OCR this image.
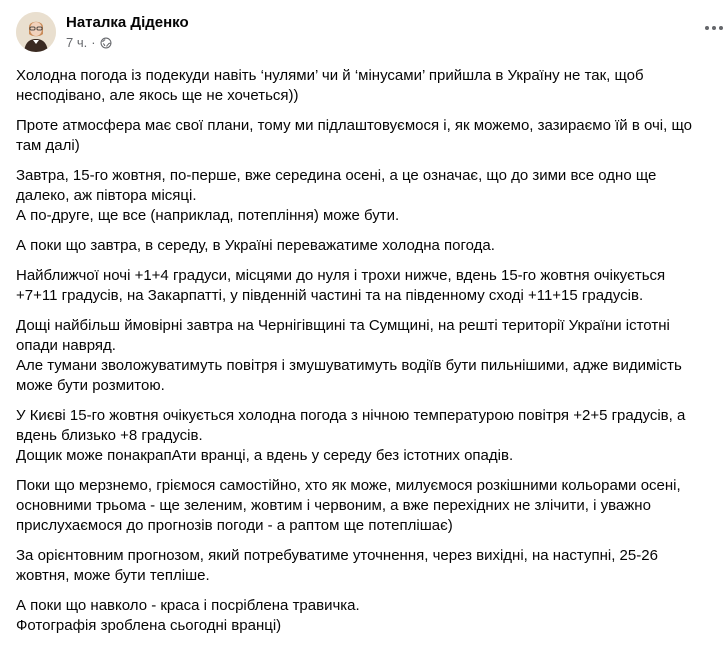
Наталка Діденко
7 ч. ·
Холодна погода із подекуди навіть ‘нулями’ чи й ‘мінусами’ прийшла в Україну не так, щоб
несподівано, але якось ще не хочеться))
Проте атмосфера має свої плани, тому ми підлаштовуємося і, як можемо, зазираємо їй в очі, що
там далі)
Завтра, 15-го жовтня, по-перше, вже середина осені, а це означає, що до зими все одно ще
далеко, аж півтора місяці.
А по-друге, ще все (наприклад, потепління) може бути.
А поки що завтра, в середу, в Україні переважатиме холодна погода.
Найближчої ночі +1+4 градуси, місцями до нуля і трохи нижче, вдень 15-го жовтня очікується
+7+11 градусів, на Закарпатті, у південній частині та на південному сході +11+15 градусів.
Дощі найбільш ймовірні завтра на Чернігівщині та Сумщині, на решті території України істотні
опади навряд.
Але тумани зволожуватимуть повітря і змушуватимуть водіїв бути пильнішими, адже видимість
може бути розмитою.
У Києві 15-го жовтня очікується холодна погода з нічною температурою повітря +2+5 градусів, а
вдень близько +8 градусів.
Дощик може понакрапАти вранці, а вдень у середу без істотних опадів.
Поки що мерзнемо, гріємося самостійно, хто як може, милуємося розкішними кольорами осені,
основними трьома - ще зеленим, жовтим і червоним, а вже перехідних не злічити, і уважно
прислухаємося до прогнозів погоди - а раптом ще потеплішає)
За орієнтовним прогнозом, який потребуватиме уточнення, через вихідні, на наступні, 25-26
жовтня, може бути тепліше.
А поки що навколо - краса і посріблена травичка.
Фотографія зроблена сьогодні вранці)
